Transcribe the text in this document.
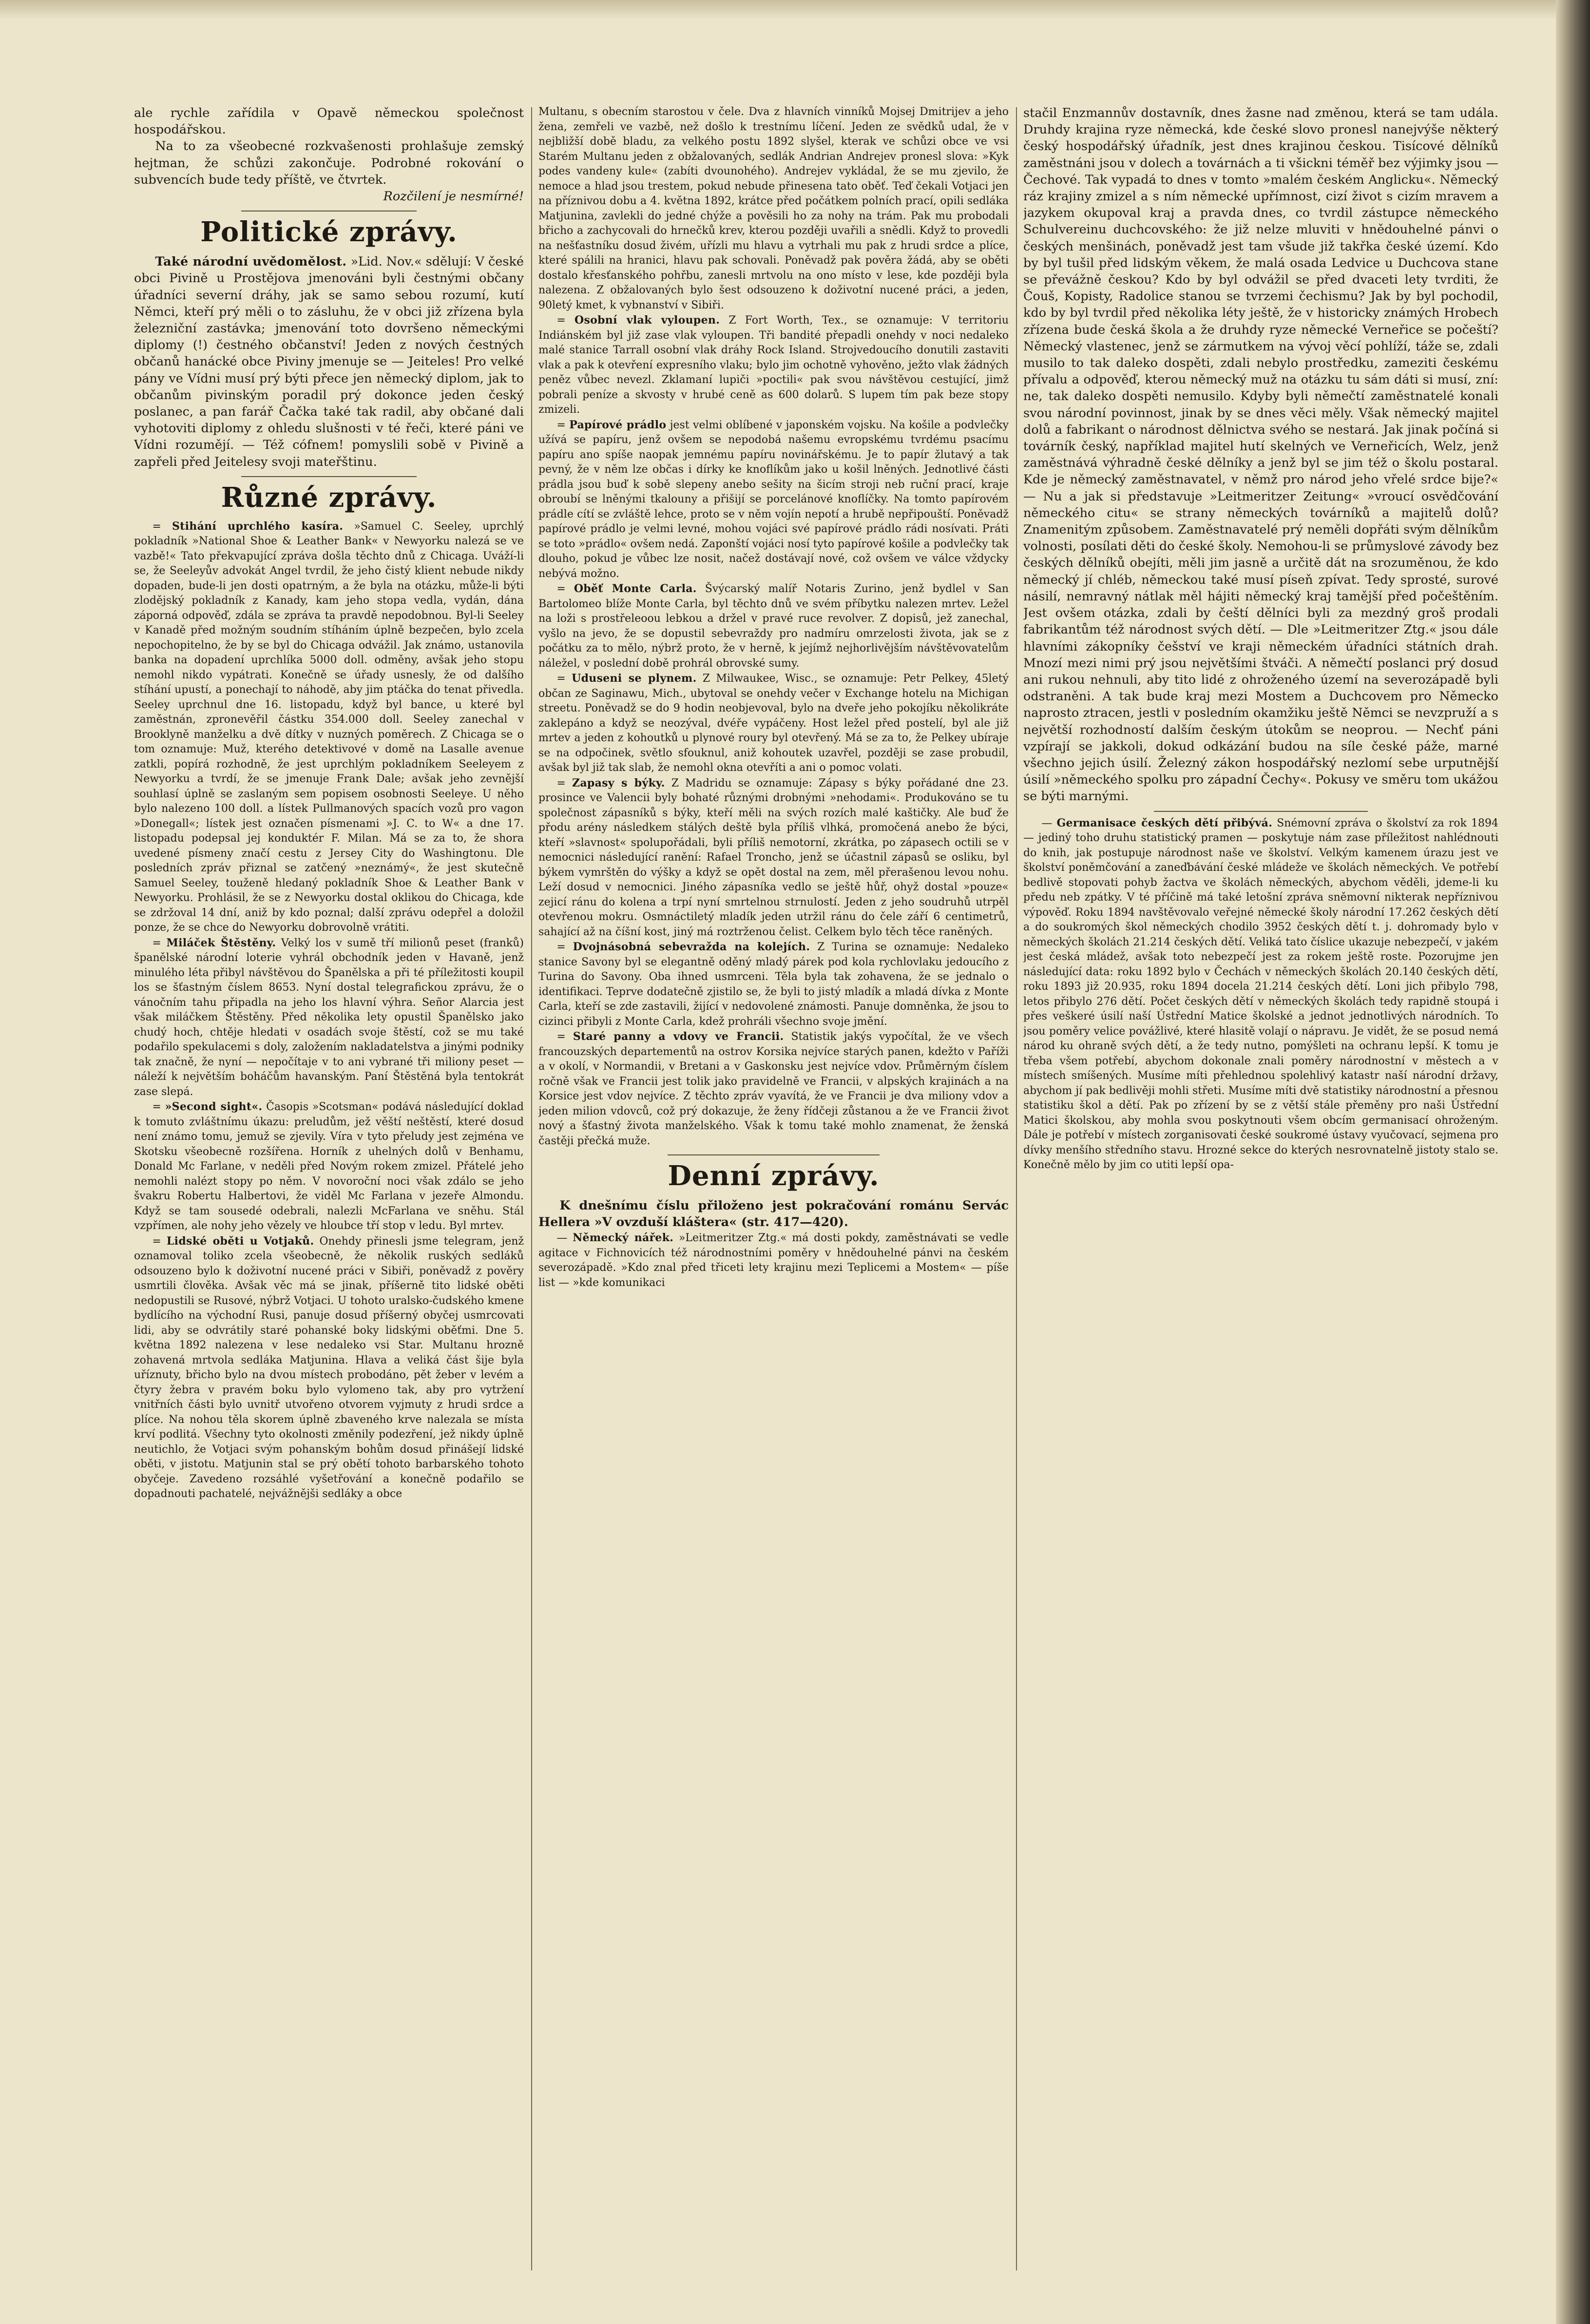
ale rychle zařídila v Opavě německou společnost hospodářskou.

Na to za všeobecné rozkvašenosti prohlašuje zemský hejtman, že schůzi zakončuje. Podrobné rokování o subvencích bude tedy příště, ve čtvrtek.

Rozčilení je nesmírné!

Politické zprávy.

Také národní uvědomělost. »Lid. Nov.« sdělují: V české obci Pivině u Prostějova jmenováni byli čestnými občany úřadníci severní dráhy, jak se samo sebou rozumí, kutí Němci, kteří prý měli o to zásluhu, že v obci již zřízena byla železniční zastávka; jmenování toto dovršeno německými diplomy (!) čestného občanství! Jeden z nových čestných občanů hanácké obce Piviny jmenuje se — Jeiteles! Pro velké pány ve Vídni musí prý býti přece jen německý diplom, jak to občanům pivinským poradil prý dokonce jeden český poslanec, a pan farář Čačka také tak radil, aby občané dali vyhotoviti diplomy z ohledu slušnosti v té řeči, které páni ve Vídni rozumějí. — Též cófnem! pomyslili sobě v Pivině a zapřeli před Jeitelesy svoji mateřštinu.

Různé zprávy.

= Stihání uprchlého kasíra. »Samuel C. Seeley, uprchlý pokladník »National Shoe & Leather Bank« v Newyorku nalezá se ve vazbě!« Tato překvapující zpráva došla těchto dnů z Chicaga. Uváží-li se, že Seeleyův advokát Angel tvrdil, že jeho čistý klient nebude nikdy dopaden, bude-li jen dosti opatrným, a že byla na otázku, může-li býti zlodějský pokladník z Kanady, kam jeho stopa vedla, vydán, dána záporná odpověď, zdála se zpráva ta pravdě nepodobnou. Byl-li Seeley v Kanadě před možným soudním stíháním úplně bezpečen, bylo zcela nepochopitelno, že by se byl do Chicaga odvážil. Jak známo, ustanovila banka na dopadení uprchlíka 5000 doll. odměny, avšak jeho stopu nemohl nikdo vypátrati. Konečně se úřady usnesly, že od dalšího stíhání upustí, a ponechají to náhodě, aby jim ptáčka do tenat přivedla. Seeley uprchnul dne 16. listopadu, když byl bance, u které byl zaměstnán, zpronevěřil částku 354.000 doll. Seeley zanechal v Brooklyně manželku a dvě dítky v nuzných poměrech. Z Chicaga se o tom oznamuje: Muž, kterého detektivové v domě na Lasalle avenue zatkli, popírá rozhodně, že jest uprchlým pokladníkem Seeleyem z Newyorku a tvrdí, že se jmenuje Frank Dale; avšak jeho zevnější souhlasí úplně se zaslaným sem popisem osobnosti Seeleye. U něho bylo nalezeno 100 doll. a lístek Pullmanových spacích vozů pro vagon »Donegall«; lístek jest označen písmenami »J. C. to W« a dne 17. listopadu podepsal jej konduktér F. Milan. Má se za to, že shora uvedené písmeny značí cestu z Jersey City do Washingtonu. Dle posledních zpráv přiznal se zatčený »neznámý«, že jest skutečně Samuel Seeley, touženě hledaný pokladník Shoe & Leather Bank v Newyorku. Prohlásil, že se z Newyorku dostal oklikou do Chicaga, kde se zdržoval 14 dní, aniž by kdo poznal; další zprávu odepřel a doložil ponze, že se chce do Newyorku dobrovolně vrátiti.

= Miláček Štěstěny. Velký los v sumě tří milionů peset (franků) španělské národní loterie vyhrál obchodník jeden v Havaně, jenž minulého léta přibyl návštěvou do Španělska a při té příležitosti koupil los se šťastným číslem 8653. Nyní dostal telegrafickou zprávu, že o vánočním tahu připadla na jeho los hlavní výhra. Señor Alarcia jest však miláčkem Štěstěny. Před několika lety opustil Španělsko jako chudý hoch, chtěje hledati v osadách svoje štěstí, což se mu také podařilo spekulacemi s doly, založením nakladatelstva a jinými podniky tak značně, že nyní — nepočítaje v to ani vybrané tři miliony peset — náleží k největším boháčům havanským. Paní Štěstěná byla tentokrát zase slepá.

= »Second sight«. Časopis »Scotsman« podává následující doklad k tomuto zvláštnímu úkazu: preludům, jež věští neštěstí, které dosud není známo tomu, jemuž se zjevily. Víra v tyto přeludy jest zejména ve Skotsku všeobecně rozšířena. Horník z uhelných dolů v Benhamu, Donald Mc Farlane, v neděli před Novým rokem zmizel. Přátelé jeho nemohli nalézt stopy po něm. V novoroční noci však zdálo se jeho švakru Robertu Halbertovi, že viděl Mc Farlana v jezeře Almondu. Když se tam sousedé odebrali, nalezli McFarlana ve sněhu. Stál vzpřímen, ale nohy jeho vězely ve hloubce tří stop v ledu. Byl mrtev.

= Lidské oběti u Votjaků. Onehdy přinesli jsme telegram, jenž oznamoval tolikо zcela všeobecně, že několik ruských sedláků odsouzeno bylo k doživotní nucené práci v Sibiři, poněvadž z pověry usmrtili člověka. Avšak věc má se jinak, příšerně tito lidské oběti nedopustili se Rusové, nýbrž Votjaci. U tohoto uralsko-čudského kmene bydlícího na východní Rusi, panuje dosud příšerný obyčej usmrcovati lidi, aby se odvrátily staré pohanské boky lidskými oběťmi. Dne 5. května 1892 nalezena v lese nedaleko vsi Star. Multanu hrozně zohavená mrtvola sedláka Matjunina. Hlava a veliká část šije byla uříznuty, břicho bylo na dvou místech probodáno, pět žeber v levém a čtyry žebra v pravém boku bylo vylomeno tak, aby pro vytržení vnitřních části bylo uvnitř utvořeno otvorem vyjmuty z hrudi srdce a plíce. Na nohou těla skorem úplně zbaveného krve nalezala se místa krví podlitá. Všechny tyto okolnosti změnily podezření, jež nikdy úplně neutichlo, že Votjaci svým pohanským bohům dosud přinášejí lidské oběti, v jistotu. Matjunin stal se prý obětí tohoto barbarského tohoto obyčeje. Zavedeno rozsáhlé vyšetřování a konečně podařilo se dopadnouti pachatelé, nejvážnějši sedláky a obce

Multanu, s obecním starostou v čele. Dva z hlavních vinníků Mojsej Dmitrijev a jeho žena, zemřeli ve vazbě, než došlo k trestnímu líčení. Jeden ze svědků udal, že v nejbližší době bladu, za velkého postu 1892 slyšel, kterak ve schůzi obce ve vsi Starém Multanu jeden z obžalovaných, sedlák Andrian Andrejev pronesl slova: »Kyk podes vandeny kule« (zabíti dvounohého). Andrejev vykládal, že se mu zjevilo, že nemoce a hlad jsou trestem, pokud nebude přinesena tato oběť. Teď čekali Votjaci jen na příznivou dobu a 4. května 1892, krátce před počátkem polních prací, opili sedláka Matjunina, zavlekli do jedné chýže a pověsili ho za nohy na trám. Pak mu probodali břicho a zachycovali do hrnečků krev, kterou později uvařili a snědli. Když to provedli na nešťastníku dosud živém, uřízli mu hlavu a vytrhali mu pak z hrudi srdce a plíce, které spálili na hranici, hlavu pak schovali. Poněvadž pak pověra žádá, aby se oběti dostalo křesťanského pohřbu, zanesli mrtvolu na ono místo v lese, kde později byla nalezena. Z obžalovaných bylo šest odsouzeno k doživotní nucené práci, a jeden, 90letý kmet, k vybnanství v Sibiři.

= Osobní vlak vyloupen. Z Fort Worth, Tex., se oznamuje: V territoriu Indiánském byl již zase vlak vyloupen. Tři bandité přepadli onehdy v noci nedaleko malé stanice Tarrall osobní vlak dráhy Rock Island. Strojvedoucího donutili zastaviti vlak a pak k otevření expresního vlaku; bylo jim ochotně vyhověno, ježto vlak žádných peněz vůbec nevezl. Zklamaní lupiči »poctili« pak svou návštěvou cestující, jimž pobrali peníze a skvosty v hrubé ceně as 600 dolarů. S lupem tím pak beze stopy zmizeli.

= Papírové prádlo jest velmi oblíbené v japonském vojsku. Na košile a podvlečky užívá se papíru, jenž ovšem se nepodobá našemu evropskému tvrdému psacímu papíru ano spíše naopak jemnému papíru novinářskému. Je to papír žlutavý a tak pevný, že v něm lze občas i dírky ke knoflíkům jako u košil lněných. Jednotlivé části prádla jsou buď k sobě slepeny anebo sešity na šicím stroji neb ruční prací, kraje obroubí se lněnými tkalouny a přišijí se porcelánové knoflíčky. Na tomto papírovém prádle cítí se zvláště lehce, proto se v něm vojín nepotí a hrubě nepřipouští. Poněvadž papírové prádlo je velmi levné, mohou vojáci své papírové prádlo rádi nosívati. Práti se toto »prádlo« ovšem nedá. Zaponští vojáci nosí tyto papírové košile a podvlečky tak dlouho, pokud je vůbec lze nosit, načež dostávají nové, což ovšem ve válce vždycky nebývá možno.

= Oběť Monte Carla. Švýcarský malíř Notaris Zurino, jenž bydlel v San Bartolomeo blíže Monte Carla, byl těchto dnů ve svém příbytku nalezen mrtev. Ležel na loži s prostřeleoou lebkou a držel v pravé ruce revolver. Z dopisů, jež zanechal, vyšlo na jevo, že se dopustil sebevraždy pro nadmíru omrzelosti života, jak se z počátku za to mělo, nýbrž proto, že v herně, k jejímž nejhorlivějším návštěvovatelům náležel, v poslední době prohrál obrovské sumy.

= Uduseni se plynem. Z Milwaukee, Wisc., se oznamuje: Petr Pelkey, 45letý občan ze Saginawu, Mich., ubytoval se onehdy večer v Exchange hotelu na Michigan streetu. Poněvadž se do 9 hodin neobjevoval, bylo na dveře jeho pokojíku několikráte zaklepáno a když se neozýval, dvéře vypáčeny. Host ležel před postelí, byl ale již mrtev a jeden z kohoutků u plynové roury byl otevřený. Má se za to, že Pelkey ubíraje se na odpočinek, světlo sfouknul, aniž kohoutek uzavřel, později se zase probudil, avšak byl již tak slab, že nemohl okna otevříti a ani o pomoc volati.

= Zapasy s býky. Z Madridu se oznamuje: Zápasy s býky pořádané dne 23. prosince ve Valencii byly bohaté různými drobnými »nehodami«. Produkováno se tu společnost zápasníků s býky, kteří měli na svých rozích malé kaštičky. Ale buď že přodu arény následkem stálých deště byla příliš vlhká, promočená anebo že býci, kteří »slavnost« spolupořádali, byli příliš nemotorní, zkrátka, po zápasech octili se v nemocnici následující ranění: Rafael Troncho, jenž se účastnil zápasů se osliku, byl býkem vymrštěn do výšky a když se opět dostal na zem, měl přerašenou levou nohu. Leží dosud v nemocnici. Jiného zápasníka vedlo se ještě hůř, ohyž dostal »pouze« zejicí ránu do kolena a trpí nyní smrtelnou strnulostí. Jeden z jeho soudruhů utrpěl otevřenou mokru. Osmnáctiletý mladík jeden utržil ránu do čele září 6 centimetrů, sahající až na číšní kost, jiný má roztrženou čelist. Celkem bylo těch těce raněných.

= Dvojnásobná sebevražda na kolejích. Z Turina se oznamuje: Nedaleko stanice Savony byl se elegantně oděný mladý párek pod kola rychlovlaku jedoucího z Turina do Savony. Oba ihned usmrceni. Těla byla tak zohavena, že se jednalo o identifikaci. Teprve dodatečně zjistilo se, že byli to jistý mladík a mladá dívka z Monte Carla, kteří se zde zastavili, žijící v nedovolené známosti. Panuje domněnka, že jsou to cizinci přibyli z Monte Carla, kdež prohráli všechno svoje jmění.

= Staré panny a vdovy ve Francii. Statistik jakýs vypočítal, že ve všech francouzských departementů na ostrov Korsika nejvíce starých panen, kdežto v Paříži a v okolí, v Normandii, v Bretani a v Gaskonsku jest nejvíce vdov. Průměrným číslem ročně však ve Francii jest tolik jako pravidelně ve Francii, v alpských krajinách a na Korsice jest vdov nejvíce. Z těchto zpráv vyavítá, že ve Francii je dva miliony vdov a jeden milion vdovců, což prý dokazuje, že ženy řídčeji zůstanou a že ve Francii život nový a šťastný života manželského. Však k tomu také mohlo znamenat, že ženská častěji přečká muže.

Denní zprávy.

K dnešnímu číslu přiloženo jest pokračování románu Servác Hellera »V ovzduší kláštera« (str. 417—420).

— Německý nářek. »Leitmeritzer Ztg.« má dosti pokdy, zaměstnávati se vedle agitace v Fichnovicích též národnostními poměry v hnědouhelné pánvi na českém severozápadě. »Kdo znal před třiceti lety krajinu mezi Teplicemi a Mostem« — píše list — »kde komunikaci

stačil Enzmannův dostavník, dnes žasne nad změnou, která se tam udála. Druhdy krajina ryze německá, kde české slovo pronesl nanejvýše některý český hospodářský úřadník, jest dnes krajinou českou. Tisícové dělníků zaměstnáni jsou v dolech a továrnách a ti všickni téměř bez výjimky jsou — Čechové. Tak vypadá to dnes v tomto »malém českém Anglicku«. Německý ráz krajiny zmizel a s ním německé upřímnost, cizí život s cizím mravem a jazykem okupoval kraj a pravda dnes, co tvrdil zástupce německého Schulvereinu duchcovského: že již nelze mluviti v hnědouhelné pánvi o českých menšinách, poněvadž jest tam všude již takřka české území. Kdo by byl tušil před lidským věkem, že malá osada Ledvice u Duchcova stane se převážně českou? Kdo by byl odvážil se před dvaceti lety tvrditi, že Čouš, Kopisty, Radolice stanou se tvrzemi čechismu? Jak by byl pochodil, kdo by byl tvrdil před několika léty ještě, že v historicky známých Hrobech zřízena bude česká škola a že druhdy ryze německé Verneřice se počeští? Německý vlastenec, jenž se zármutkem na vývoj věcí pohlíží, táže se, zdali musilo to tak daleko dospěti, zdali nebylo prostředku, zameziti českému přívalu a odpověď, kterou německý muž na otázku tu sám dáti si musí, zní: ne, tak daleko dospěti nemusilo. Kdyby byli němečtí zaměstnatelé konali svou národní povinnost, jinak by se dnes věci měly. Však německý majitel dolů a fabrikant o národnost dělnictva svého se nestará. Jak jinak počíná si továrník český, například majitel hutí skelných ve Verneřicích, Welz, jenž zaměstnává výhradně české dělníky a jenž byl se jim též o školu postaral. Kde je německý zaměstnavatel, v němž pro národ jeho vřelé srdce bije?« — Nu a jak si představuje »Leitmeritzer Zeitung« »vroucí osvědčování německého citu« se strany německých továrníků a majitelů dolů? Znamenitým způsobem. Zaměstnavatelé prý neměli dopřáti svým dělníkům volnosti, posílati děti do české školy. Nemohou-li se průmyslové závody bez českých dělníků obejíti, měli jim jasně a určitě dát na srozuměnou, že kdo německý jí chléb, německou také musí píseň zpívat. Tedy sprosté, surové násilí, nemravný nátlak měl hájiti německý kraj tamější před počeštěním. Jest ovšem otázka, zdali by čeští dělníci byli za mezdný groš prodali fabrikantům též národnost svých dětí. — Dle »Leitmeritzer Ztg.« jsou dále hlavními zákopníky češství ve kraji německém úřadníci státních drah. Mnozí mezi nimi prý jsou největšími štváči. A němečtí poslanci prý dosud ani rukou nehnuli, aby tito lidé z ohroženého území na severozápadě byli odstraněni. A tak bude kraj mezi Mostem a Duchcovem pro Německo naprosto ztracen, jestli v posledním okamžiku ještě Němci se nevzpruží a s největší rozhodností dalším českým útokům se neoprou. — Nechť páni vzpírají se jakkoli, dokud odkázání budou na síle české páže, marné všechno jejich úsilí. Železný zákon hospodářský nezlomí sebe urputnější úsilí »německého spolku pro západní Čechy«. Pokusy ve směru tom ukážou se býti marnými.

— Germanisace českých dětí přibývá. Snémovní zpráva o školství za rok 1894 — jediný toho druhu statistický pramen — poskytuje nám zase příležitost nahlédnouti do knih, jak postupuje národnost naše ve školství. Velkým kamenem úrazu jest ve školství poněmčování a zaneďbávání české mládeže ve školách německých. Ve potřebí bedlivě stopovati pohyb žactva ve školách německých, abychom věděli, jdeme-li ku předu neb zpátky. V té příčině má také letošní zpráva sněmovní nikterak nepříznivou výpověď. Roku 1894 navštěvovalo veřejné německé školy národní 17.262 českých dětí a do soukromých škol německých chodilo 3952 českých dětí t. j. dohromady bylo v německých školách 21.214 českých dětí. Veliká tato číslice ukazuje nebezpečí, v jakém jest česká mládež, avšak toto nebezpečí jest za rokem ještě roste. Pozorujme jen následující data: roku 1892 bylo v Čechách v německých školách 20.140 českých dětí, roku 1893 již 20.935, roku 1894 docela 21.214 českých dětí. Loni jich přibylo 798, letos přibylo 276 dětí. Počet českých dětí v německých školách tedy rapidně stoupá i přes veškeré úsilí naší Ústřední Matice školské a jednot jednotlivých národních. To jsou poměry velice povážlivé, které hlasitě volají o nápravu. Je vidět, že se posud nemá národ ku ohraně svých dětí, a že tedy nutno, pomýšleti na ochranu lepší. K tomu je třeba všem potřebí, abychom dokonale znali poměry národnostní v městech a v místech smíšených. Musíme míti přehlednou spolehlivý katastr naší národní državy, abychom jí pak bedlivěji mohli střeti. Musíme míti dvě statistiky národnostní a přesnou statistiku škol a dětí. Pak po zřízení by se z větší stále přeměny pro naši Ústřední Matici školskou, aby mohla svou poskytnouti všem obcím germanisací ohroženým. Dále je potřebí v místech zorganisovati české soukromé ústavy vyučovací, sejmena pro dívky menšího středního stavu. Hrozné sekce do kterých nesrovnatelně jistoty stalo se. Konečně mělo by jim co utiti lepší opa-
